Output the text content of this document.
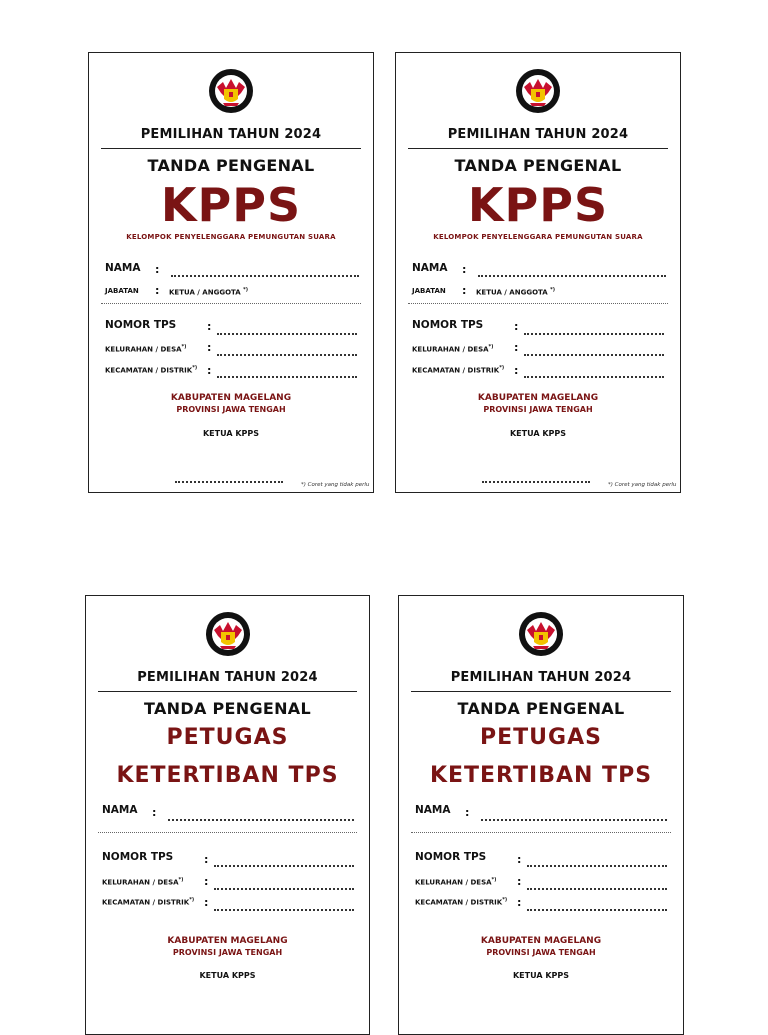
PEMILIHAN TAHUN 2024
TANDA PENGENAL
KPPS
KELOMPOK PENYELENGGARA PEMUNGUTAN SUARA
NAMA :
JABATAN : KETUA / ANGGOTA *)
NOMOR TPS	:
KELURAHAN / DESA*) :
KECAMATAN / DISTRIK*) :
KABUPATEN MAGELANG
PROVINSI JAWA TENGAH
KETUA KPPS
*) Coret yang tidak perlu
PEMILIHAN TAHUN 2024
TANDA PENGENAL
KPPS
KELOMPOK PENYELENGGARA PEMUNGUTAN SUARA
NAMA :
JABATAN : KETUA / ANGGOTA *)
NOMOR TPS	:
KELURAHAN / DESA*) :
KECAMATAN / DISTRIK*) :
KABUPATEN MAGELANG
PROVINSI JAWA TENGAH
KETUA KPPS
*) Coret yang tidak perlu
PEMILIHAN TAHUN 2024
TANDA PENGENAL
PETUGAS
KETERTIBAN TPS
NAMA :
NOMOR TPS	:
KELURAHAN / DESA*) :
KECAMATAN / DISTRIK*) :
KABUPATEN MAGELANG
PROVINSI JAWA TENGAH
KETUA KPPS
PEMILIHAN TAHUN 2024
TANDA PENGENAL
PETUGAS
KETERTIBAN TPS
NAMA :
NOMOR TPS	:
KELURAHAN / DESA*) :
KECAMATAN / DISTRIK*) :
KABUPATEN MAGELANG
PROVINSI JAWA TENGAH
KETUA KPPS
